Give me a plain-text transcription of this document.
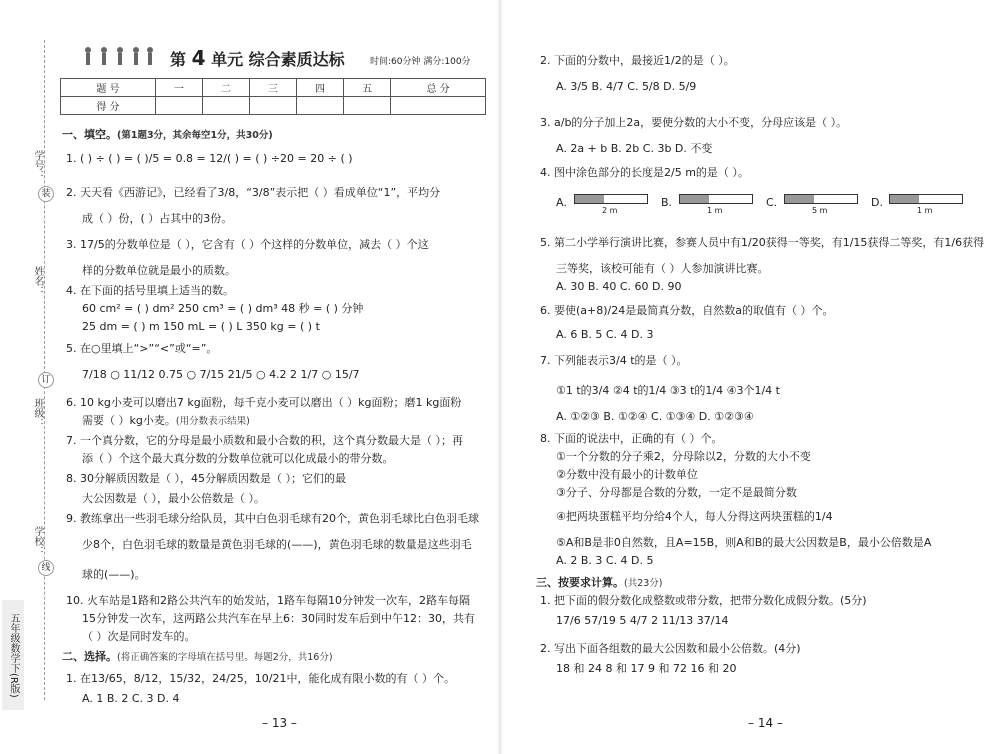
学号：
装
姓名：
订
班级：
学校：
线
五年级数学下(R版)
第 4 单元 综合素质达标	时间:60分钟 满分:100分
题 号	一	二	三	四	五	总 分
得 分						
一、填空。(第1题3分，其余每空1分，共30分)
1. ( ) ÷ ( ) = ( )/5 = 0.8 = 12/( ) = ( ) ÷20 = 20 ÷ ( )
2. 天天看《西游记》，已经看了3/8，“3/8”表示把（ ）看成单位“1”，平均分
成（ ）份，( ）占其中的3份。
3. 17/5的分数单位是（ ），它含有（ ）个这样的分数单位，减去（ ）个这
样的分数单位就是最小的质数。
4. 在下面的括号里填上适当的数。
60 cm² = ( ) dm² 250 cm³ = ( ) dm³ 48 秒 = ( ) 分钟
25 dm = ( ) m 150 mL = ( ) L 350 kg = ( ) t
5. 在○里填上“>”“<”或“=”。
7/18 ○ 11/12 0.75 ○ 7/15 21/5 ○ 4.2 2 1/7 ○ 15/7
6. 10 kg小麦可以磨出7 kg面粉，每千克小麦可以磨出（ ）kg面粉；磨1 kg面粉
需要（ ）kg小麦。(用分数表示结果)
7. 一个真分数，它的分母是最小质数和最小合数的积，这个真分数最大是（ ）；再
添（ ）个这个最大真分数的分数单位就可以化成最小的带分数。
8. 30分解质因数是（ ），45分解质因数是（ ）；它们的最
大公因数是（ ），最小公倍数是（ ）。
9. 教练拿出一些羽毛球分给队员，其中白色羽毛球有20个，黄色羽毛球比白色羽毛球
少8个，白色羽毛球的数量是黄色羽毛球的(——)，黄色羽毛球的数量是这些羽毛
球的(——)。
10. 火车站是1路和2路公共汽车的始发站，1路车每隔10分钟发一次车，2路车每隔
15分钟发一次车，这两路公共汽车在早上6：30同时发车后到中午12：30，共有
（ ）次是同时发车的。
二、选择。(将正确答案的字母填在括号里。每题2分，共16分)
1. 在13/65，8/12，15/32，24/25，10/21中，能化成有限小数的有（ ）个。
A. 1 B. 2 C. 3 D. 4
– 13 –
2. 下面的分数中，最接近1/2的是（ ）。
A. 3/5 B. 4/7 C. 5/8 D. 5/9
3. a/b的分子加上2a，要使分数的大小不变，分母应该是（ ）。
A. 2a + b B. 2b C. 3b D. 不变
4. 图中涂色部分的长度是2/5 m的是（ ）。
A.
2 m
B.
1 m
C.
5 m
D.
1 m
5. 第二小学举行演讲比赛，参赛人员中有1/20获得一等奖，有1/15获得二等奖，有1/6获得
三等奖，该校可能有（ ）人参加演讲比赛。
A. 30 B. 40 C. 60 D. 90
6. 要使(a+8)/24是最简真分数，自然数a的取值有（ ）个。
A. 6 B. 5 C. 4 D. 3
7. 下列能表示3/4 t的是（ ）。
①1 t的3/4 ②4 t的1/4 ③3 t的1/4 ④3个1/4 t
A. ①②③ B. ①②④ C. ①③④ D. ①②③④
8. 下面的说法中，正确的有（ ）个。
①一个分数的分子乘2，分母除以2，分数的大小不变
②分数中没有最小的计数单位
③分子、分母都是合数的分数，一定不是最简分数
④把两块蛋糕平均分给4个人，每人分得这两块蛋糕的1/4
⑤A和B是非0自然数，且A=15B，则A和B的最大公因数是B，最小公倍数是A
A. 2 B. 3 C. 4 D. 5
三、按要求计算。(共23分)
1. 把下面的假分数化成整数或带分数，把带分数化成假分数。(5分)
17/6 57/19 5 4/7 2 11/13 37/14
2. 写出下面各组数的最大公因数和最小公倍数。(4分)
18 和 24 8 和 17 9 和 72 16 和 20
– 14 –
